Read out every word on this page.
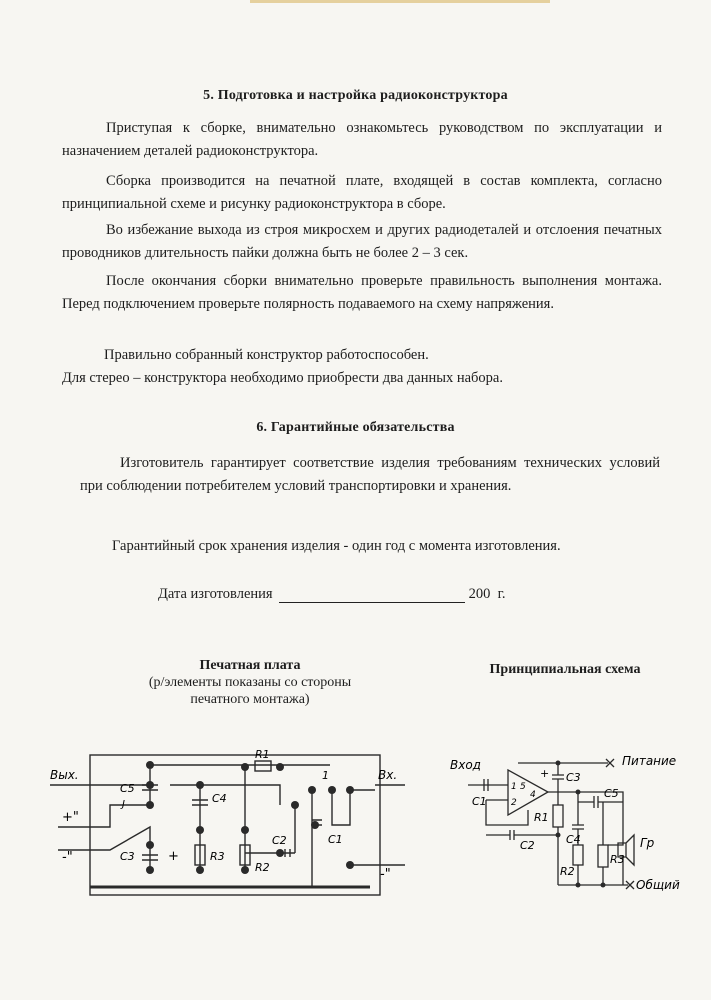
5. Подготовка и настройка радиоконструктора
Приступая к сборке, внимательно ознакомьтесь руководством по эксплуатации и назначением деталей радиоконструктора.
Сборка производится на печатной плате, входящей в состав комплекта, согласно принципиальной схеме и рисунку радиоконструктора в сборе.
Во избежание выхода из строя микросхем и других радиодеталей и отслоения печатных проводников длительность пайки должна быть не более 2 – 3 сек.
После окончания сборки внимательно проверьте правильность выполнения монтажа. Перед подключением проверьте полярность подаваемого на схему напряжения.
Правильно собранный конструктор работоспособен.
Для стерео – конструктора необходимо приобрести два данных набора.
6. Гарантийные обязательства
Изготовитель гарантирует соответствие изделия требованиям технических условий при соблюдении потребителем условий транспортировки и хранения.
Гарантийный срок хранения изделия - один год с момента изготовления.
Дата изготовления	200 г.
Печатная плата
(р/элементы показаны со стороны
печатного монтажа)
Принципиальная схема
Вых.	Вх.
+"
-"
-"
C5
J	C4
C3
R1
R3
R2
C2	C1
1
+
Вход	Питание
Общий
Гр
C1
C2
C3
C4
C5
R1
R2
R3
1 5
2
4
+
